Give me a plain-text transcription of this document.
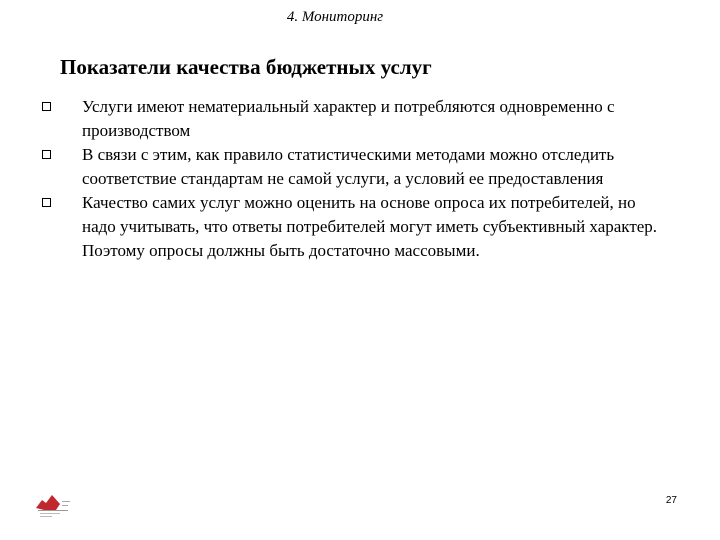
4. Мониторинг
Показатели качества бюджетных услуг
Услуги имеют нематериальный характер и потребляются одновременно с производством
В связи с этим, как правило статистическими методами можно отследить соответствие стандартам не самой услуги, а условий ее предоставления
Качество самих услуг можно оценить на основе опроса их потребителей, но надо учитывать, что ответы потребителей могут иметь субъективный характер. Поэтому опросы должны быть достаточно массовыми.
27
